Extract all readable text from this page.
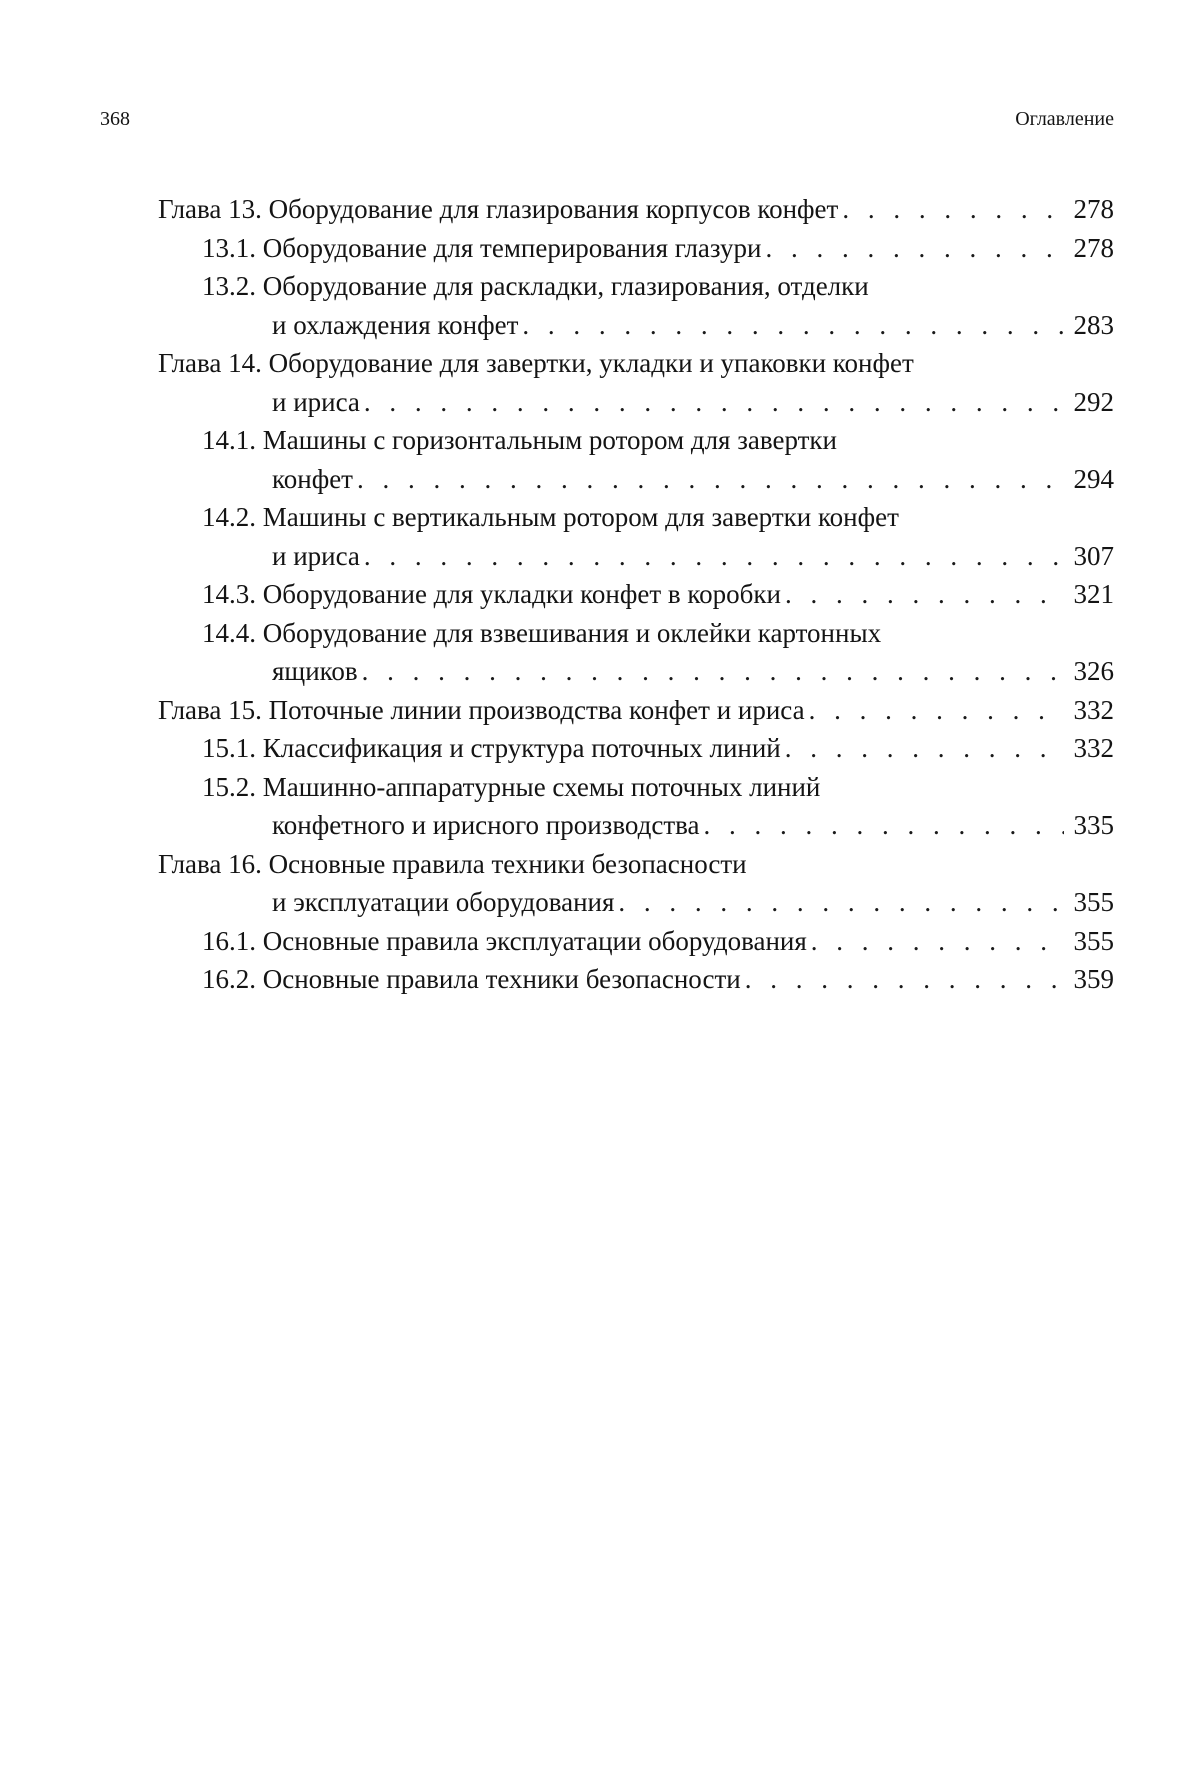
368	Оглавление
Глава 13. Оборудование для глазирования корпусов конфет . . .	278
13.1. Оборудование для темперирования глазури . . .	278
13.2. Оборудование для раскладки, глазирования, отделки
и охлаждения конфет . . .	283
Глава 14. Оборудование для завертки, укладки и упаковки конфет
и ириса . . .	292
14.1. Машины с горизонтальным ротором для завертки
конфет . . .	294
14.2. Машины с вертикальным ротором для завертки конфет
и ириса . . .	307
14.3. Оборудование для укладки конфет в коробки . . .	321
14.4. Оборудование для взвешивания и оклейки картонных
ящиков . . .	326
Глава 15. Поточные линии производства конфет и ириса . . .	332
15.1. Классификация и структура поточных линий . . .	332
15.2. Машинно-аппаратурные схемы поточных линий
конфетного и ирисного производства . . .	335
Глава 16. Основные правила техники безопасности
и эксплуатации оборудования . . .	355
16.1. Основные правила эксплуатации оборудования . . .	355
16.2. Основные правила техники безопасности . . .	359
